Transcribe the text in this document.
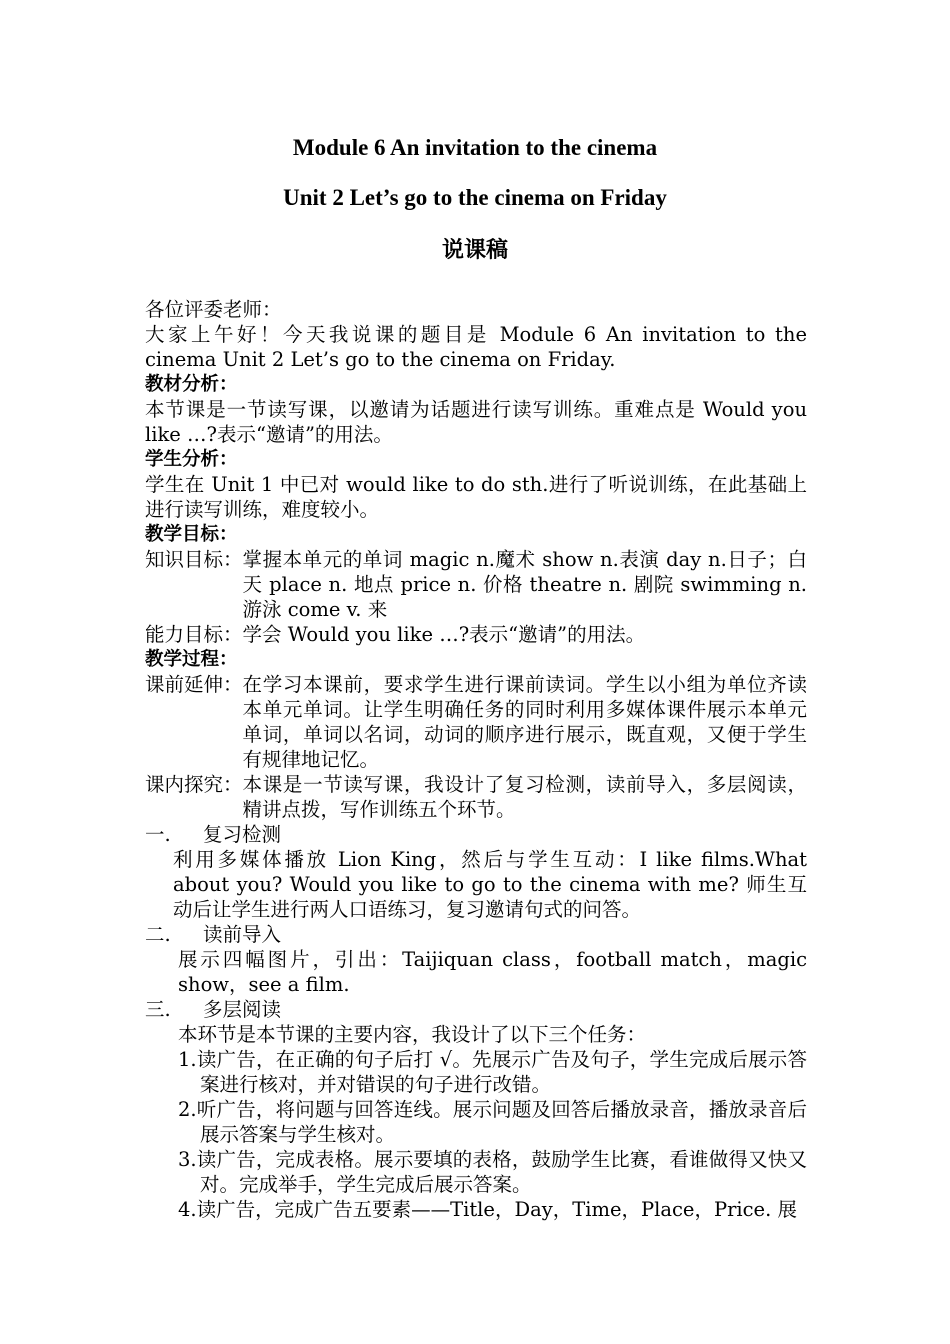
Module 6 An invitation to the cinema
Unit 2 Let’s go to the cinema on Friday
说课稿

各位评委老师：

大家上午好！今天我说课的题目是 Module 6 An invitation to the cinema Unit 2 Let’s go to the cinema on Friday.

教材分析：

本节课是一节读写课，以邀请为话题进行读写训练。重难点是 Would you like …?表示“邀请”的用法。

学生分析：

学生在 Unit 1 中已对 would like to do sth.进行了听说训练，在此基础上进行读写训练，难度较小。

教学目标：

知识目标： 掌握本单元的单词 magic n.魔术 show n.表演 day n.日子；白天 place n. 地点 price n. 价格 theatre n. 剧院 swimming n. 游泳 come v. 来
能力目标： 学会 Would you like …?表示“邀请”的用法。

教学过程：

课前延伸： 在学习本课前，要求学生进行课前读词。学生以小组为单位齐读本单元单词。让学生明确任务的同时利用多媒体课件展示本单元单词，单词以名词，动词的顺序进行展示，既直观，又便于学生有规律地记忆。
课内探究： 本课是一节读写课，我设计了复习检测，读前导入，多层阅读，精讲点拨，写作训练五个环节。
一.	复习检测

利用多媒体播放 Lion King，然后与学生互动：I like films.What about you? Would you like to go to the cinema with me? 师生互动后让学生进行两人口语练习，复习邀请句式的问答。

二.	读前导入

展示四幅图片，引出：Taijiquan class，football match，magic show，see a film.

三.	多层阅读

本环节是本节课的主要内容，我设计了以下三个任务：

1.读广告，在正确的句子后打 √。先展示广告及句子，学生完成后展示答案进行核对，并对错误的句子进行改错。

2.听广告，将问题与回答连线。展示问题及回答后播放录音，播放录音后展示答案与学生核对。

3.读广告，完成表格。展示要填的表格，鼓励学生比赛，看谁做得又快又对。完成举手，学生完成后展示答案。

4.读广告，完成广告五要素——Title，Day，Time，Place，Price. 展
